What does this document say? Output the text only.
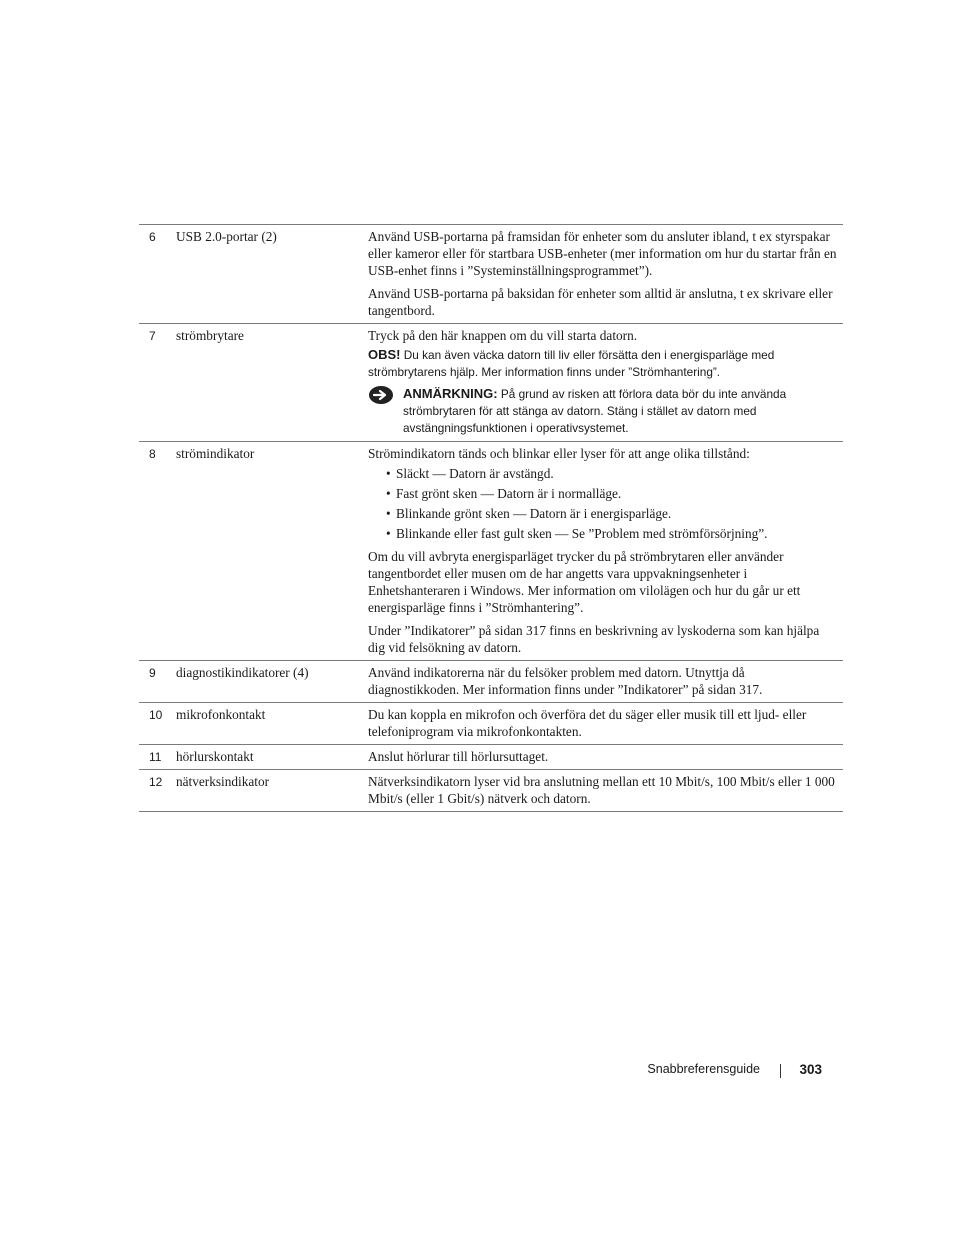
6	USB 2.0-portar (2)	Använd USB-portarna på framsidan för enheter som du ansluter ibland, t ex styrspakar eller kameror eller för startbara USB-enheter (mer information om hur du startar från en USB-enhet finns i ”Systeminställningsprogrammet”).

Använd USB-portarna på baksidan för enheter som alltid är anslutna, t ex skrivare eller tangentbord.

7	strömbrytare	Tryck på den här knappen om du vill starta datorn.

OBS! Du kan även väcka datorn till liv eller försätta den i energisparläge med strömbrytarens hjälp. Mer information finns under ”Strömhantering”.
ANMÄRKNING: På grund av risken att förlora data bör du inte använda strömbrytaren för att stänga av datorn. Stäng i stället av datorn med avstängningsfunktionen i operativsystemet.
8	strömindikator	Strömindikatorn tänds och blinkar eller lyser för att ange olika tillstånd:

• Släckt — Datorn är avstängd.
• Fast grönt sken — Datorn är i normalläge.
• Blinkande grönt sken — Datorn är i energisparläge.
• Blinkande eller fast gult sken — Se ”Problem med strömförsörjning”.

Om du vill avbryta energisparläget trycker du på strömbrytaren eller använder tangentbordet eller musen om de har angetts vara uppvakningsenheter i Enhetshanteraren i Windows. Mer information om vilolägen och hur du går ur ett energisparläge finns i ”Strömhantering”.

Under ”Indikatorer” på sidan 317 finns en beskrivning av lyskoderna som kan hjälpa dig vid felsökning av datorn.

9	diagnostikindikatorer (4)	Använd indikatorerna när du felsöker problem med datorn. Utnyttja då diagnostikkoden. Mer information finns under ”Indikatorer” på sidan 317.

10	mikrofonkontakt	Du kan koppla en mikrofon och överföra det du säger eller musik till ett ljud- eller telefoniprogram via mikrofonkontakten.

11	hörlurskontakt	Anslut hörlurar till hörlursuttaget.

12	nätverksindikator	Nätverksindikatorn lyser vid bra anslutning mellan ett 10 Mbit/s, 100 Mbit/s eller 1 000 Mbit/s (eller 1 Gbit/s) nätverk och datorn.

Snabbreferensguide	303
